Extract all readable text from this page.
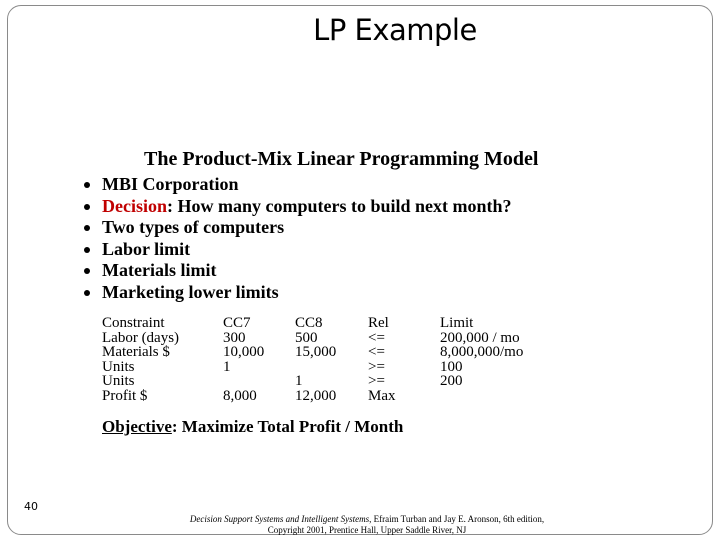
LP Example
The Product-Mix Linear Programming Model
MBI Corporation
Decision: How many computers to build next month?
Two types of computers
Labor limit
Materials limit
Marketing lower limits
Constraint
Labor (days)
Materials $
Units
Units
Profit $
CC7
300
10,000
1

8,000
CC8
500
15,000

1
12,000
Rel
<=
<=
>=
>=
Max
Limit
200,000 / mo
8,000,000/mo
100
200
Objective: Maximize Total Profit / Month
40
Decision Support Systems and Intelligent Systems, Efraim Turban and Jay E. Aronson, 6th edition,
Copyright 2001, Prentice Hall, Upper Saddle River, NJ
